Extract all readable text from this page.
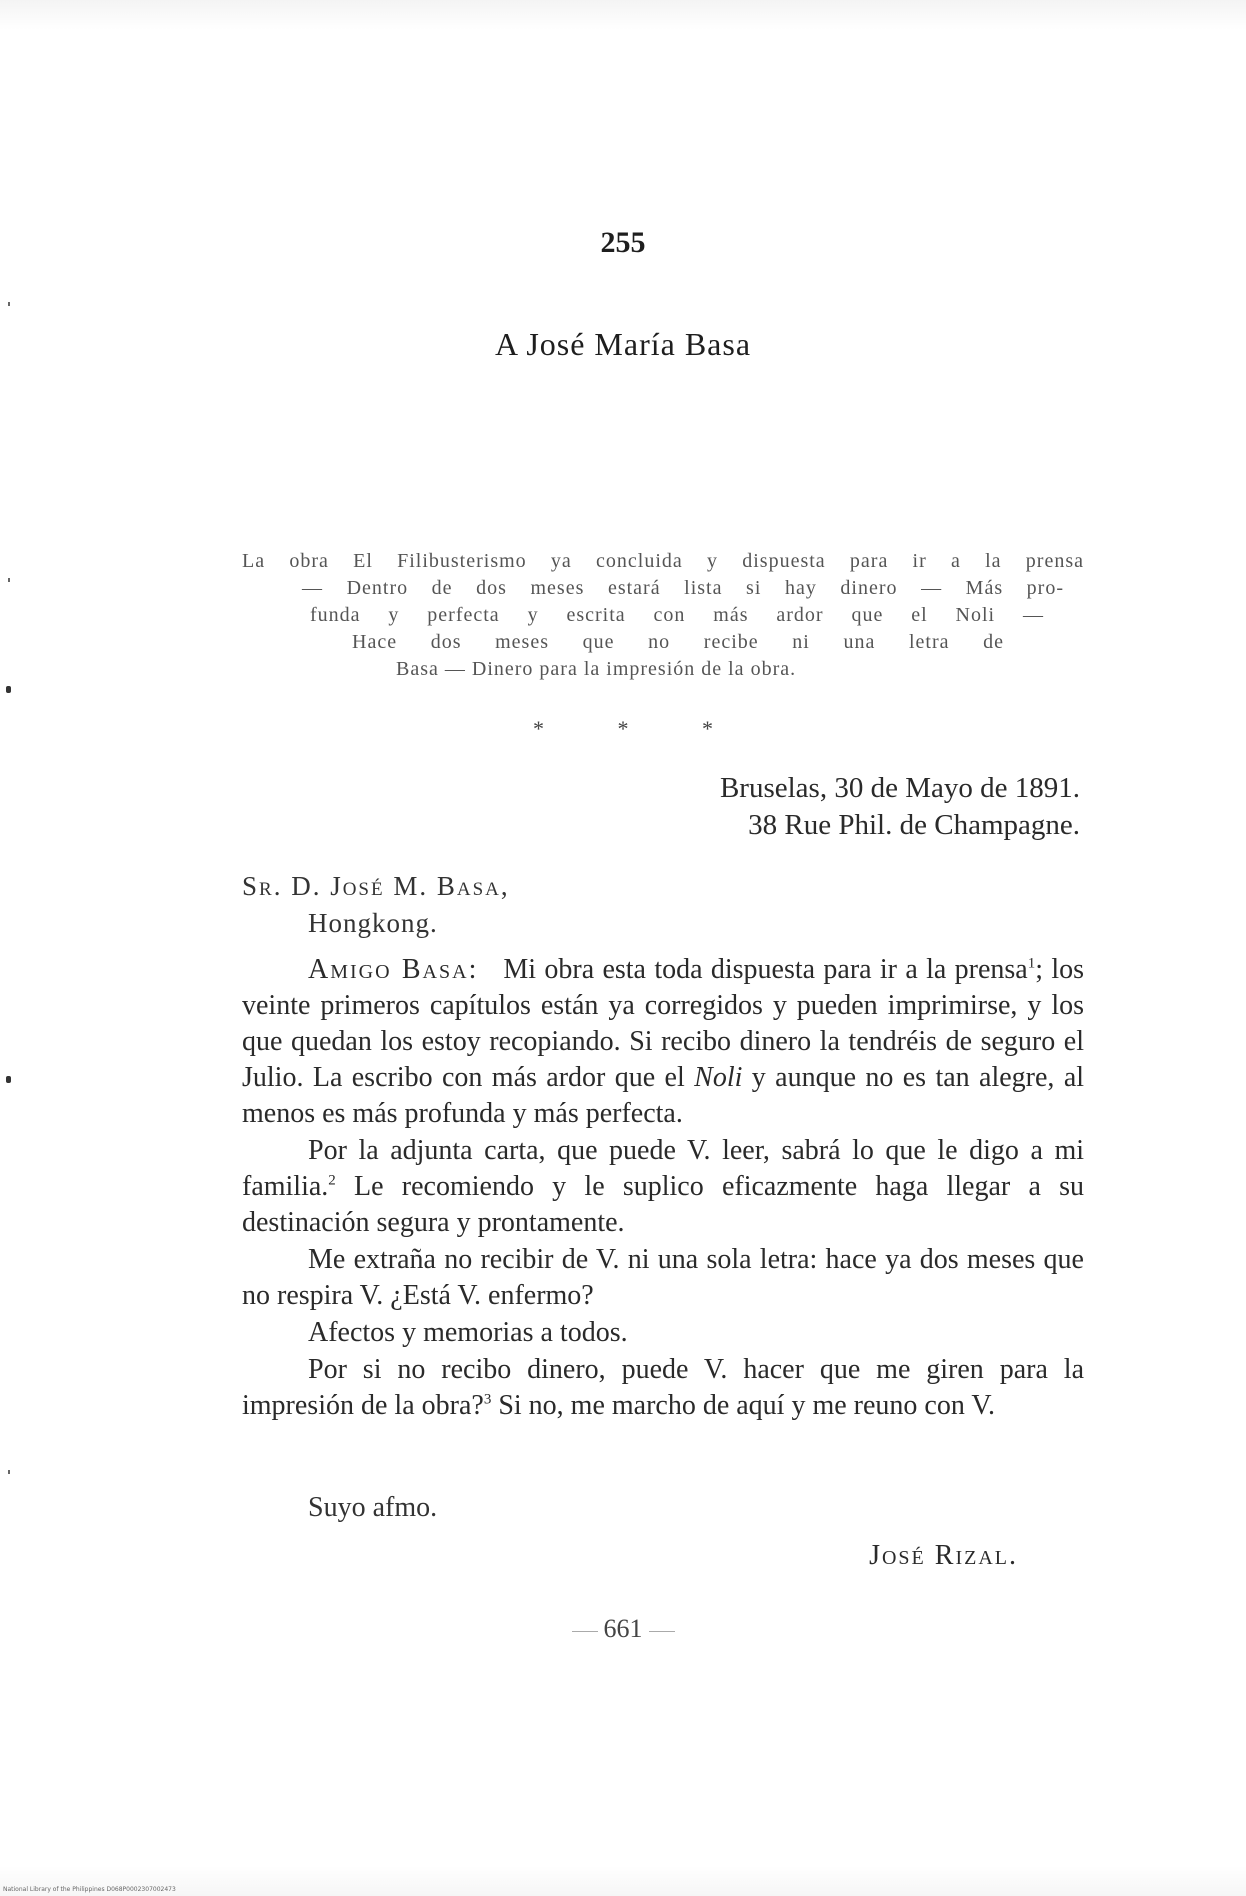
255
A José María Basa
La obra El Filibusterismo ya concluida y dispuesta para ir a la prensa
— Dentro de dos meses estará lista si hay dinero — Más pro-
funda y perfecta y escrita con más ardor que el Noli —
Hace dos meses que no recibe ni una letra de
Basa — Dinero para la impresión de la obra.
* * *
Bruselas, 30 de Mayo de 1891.
38 Rue Phil. de Champagne.
Sr. D. José M. Basa,
Hongkong.

Amigo Basa: Mi obra esta toda dispuesta para ir a la prensa$^1$; los veinte primeros capítulos están ya corregidos y pueden imprimirse, y los que quedan los estoy recopiando. Si recibo dinero la tendréis de seguro el Julio. La escribo con más ardor que el Noli y aunque no es tan alegre, al menos es más profunda y más perfecta.

Por la adjunta carta, que puede V. leer, sabrá lo que le digo a mi familia.$^2$ Le recomiendo y le suplico eficazmente haga llegar a su destinación segura y prontamente.

Me extraña no recibir de V. ni una sola letra: hace ya dos meses que no respira V. ¿Está V. enfermo?

Afectos y memorias a todos.

Por si no recibo dinero, puede V. hacer que me giren para la impresión de la obra?$^3$ Si no, me marcho de aquí y me reuno con V.

Suyo afmo.
José Rizal.
661
National Library of the Philippines D068P0002307002473
